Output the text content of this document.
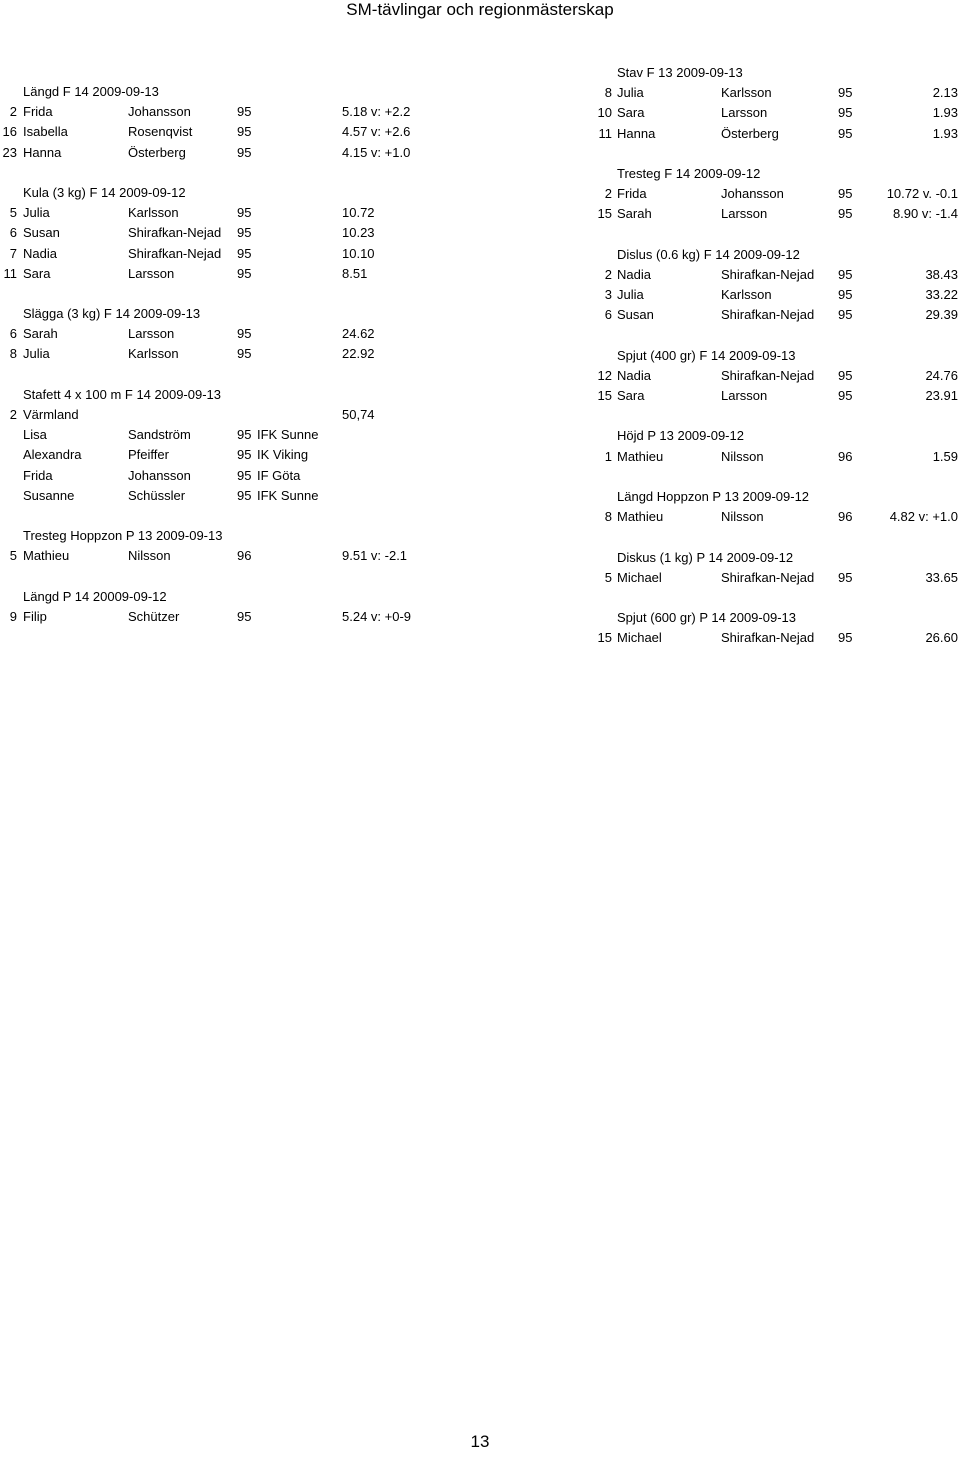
SM-tävlingar och regionmästerskap
Längd F 14 2009-09-13
2 Frida	Johansson	95	5.18 v: +2.2
16 Isabella	Rosenqvist	95	4.57 v: +2.6
23 Hanna	Österberg	95	4.15 v: +1.0
Kula (3 kg) F 14 2009-09-12
5 Julia	Karlsson	95	10.72
6 Susan	Shirafkan-Nejad 95	10.23
7 Nadia	Shirafkan-Nejad 95	10.10
11 Sara	Larsson	95	8.51
Slägga (3 kg) F 14 2009-09-13
6 Sarah	Larsson	95	24.62
8 Julia	Karlsson	95	22.92
Stafett 4 x 100 m F 14 2009-09-13
2 Värmland	50,74
Lisa	Sandström	95 IFK Sunne
Alexandra	Pfeiffer	95 IK Viking
Frida	Johansson	95 IF Göta
Susanne	Schüssler	95 IFK Sunne
Tresteg Hoppzon P 13 2009-09-13
5 Mathieu	Nilsson	96	9.51 v: -2.1
Längd P 14 20009-09-12
9 Filip	Schützer	95	5.24 v: +0-9
Stav F 13 2009-09-13
8 Julia	Karlsson	95	2.13
10 Sara	Larsson	95	1.93
11 Hanna	Österberg	95	1.93
Tresteg F 14 2009-09-12
2 Frida	Johansson	95	10.72 v. -0.1
15 Sarah	Larsson	95	8.90 v: -1.4
Dislus (0.6 kg) F 14 2009-09-12
2 Nadia	Shirafkan-Nejad 95	38.43
3 Julia	Karlsson	95	33.22
6 Susan	Shirafkan-Nejad 95	29.39
Spjut (400 gr) F 14 2009-09-13
12 Nadia	Shirafkan-Nejad 95	24.76
15 Sara	Larsson	95	23.91
Höjd P 13 2009-09-12
1 Mathieu	Nilsson	96	1.59
Längd Hoppzon P 13 2009-09-12
8 Mathieu	Nilsson	96	4.82 v: +1.0
Diskus (1 kg) P 14 2009-09-12
5 Michael	Shirafkan-Nejad 95	33.65
Spjut (600 gr) P 14 2009-09-13
15 Michael	Shirafkan-Nejad 95	26.60
13
